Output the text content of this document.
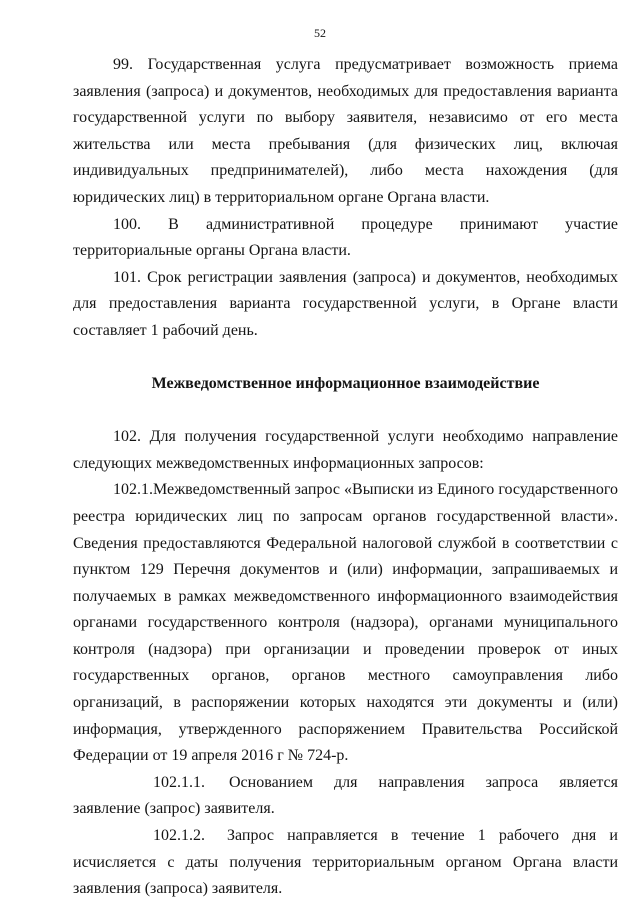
52

99. Государственная услуга предусматривает возможность приема заявления (запроса) и документов, необходимых для предоставления варианта государственной услуги по выбору заявителя, независимо от его места жительства или места пребывания (для физических лиц, включая индивидуальных предпринимателей), либо места нахождения (для юридических лиц) в территориальном органе Органа власти.

100. В административной процедуре принимают участие территориальные органы Органа власти.

101. Срок регистрации заявления (запроса) и документов, необходимых для предоставления варианта государственной услуги, в Органе власти составляет 1 рабочий день.

Межведомственное информационное взаимодействие

102. Для получения государственной услуги необходимо направление следующих межведомственных информационных запросов:

102.1.Межведомственный запрос «Выписки из Единого государственного реестра юридических лиц по запросам органов государственной власти». Сведения предоставляются Федеральной налоговой службой в соответствии с пунктом 129 Перечня документов и (или) информации, запрашиваемых и получаемых в рамках межведомственного информационного взаимодействия органами государственного контроля (надзора), органами муниципального контроля (надзора) при организации и проведении проверок от иных государственных органов, органов местного самоуправления либо организаций, в распоряжении которых находятся эти документы и (или) информация, утвержденного распоряжением Правительства Российской Федерации от 19 апреля 2016 г № 724-р.

102.1.1. Основанием для направления запроса является заявление (запрос) заявителя.

102.1.2. Запрос направляется в течение 1 рабочего дня и исчисляется с даты получения территориальным органом Органа власти заявления (запроса) заявителя.
